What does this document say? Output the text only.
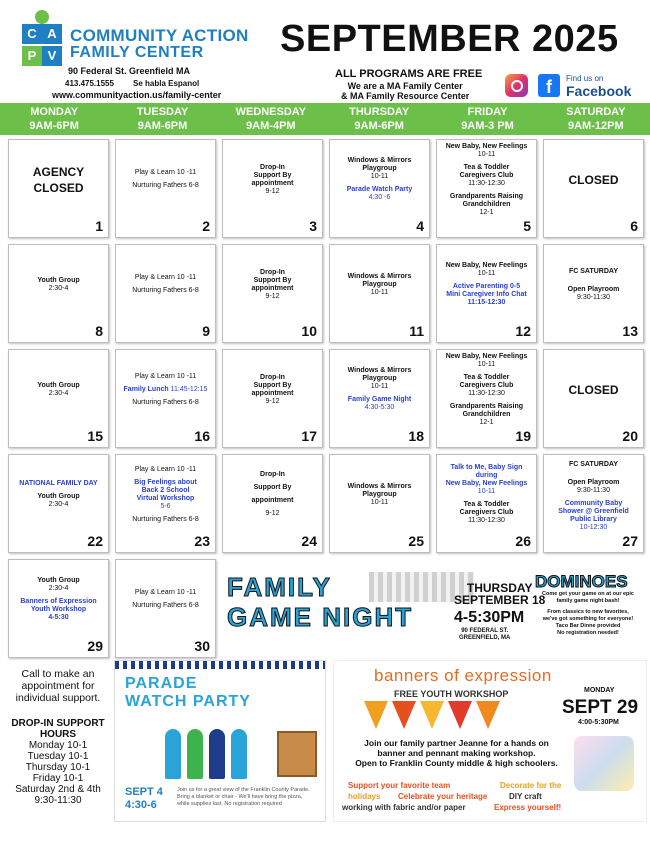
C A
P V
COMMUNITY ACTION
FAMILY CENTER
90 Federal St. Greenfield MA
413.475.1555 Se habla Espanol
www.communityaction.us/family-center
SEPTEMBER 2025
ALL PROGRAMS ARE FREE
We are a MA Family Center
& MA Family Resource Center	f	Find us on
Facebook
MONDAY
9AM-6PM
TUESDAY
9AM-6PM
WEDNESDAY
9AM-4PM
THURSDAY
9AM-6PM
FRIDAY
9AM-3 PM
SATURDAY
9AM-12PM
AGENCY
CLOSED
1
Play & Learn 10 -11
Nurturing Fathers 6-8
2
Drop-In
Support By
appointment
9-12
3
Windows & Mirrors
Playgroup
10-11
Parade Watch Party
4:30 -6
4
New Baby, New Feelings
10-11
Tea & Toddler
Caregivers Club
11:30-12:30
Grandparents Raising
Grandchildren
12-1
5
CLOSED
6
Youth Group
2:30-4
8
Play & Learn 10 -11
Nurturing Fathers 6-8
9
Drop-In
Support By
appointment
9-12
10
Windows & Mirrors
Playgroup
10-11
11
New Baby, New Feelings
10-11
Active Parenting 0-5
Mini Caregiver Info Chat
11:15-12:30
12
FC SATURDAY
Open Playroom
9:30-11:30
13
Youth Group
2:30-4
15
Play & Learn 10 -11
Family Lunch 11:45-12:15
Nurturing Fathers 6-8
16
Drop-In
Support By
appointment
9-12
17
Windows & Mirrors
Playgroup
10-11
Family Game Night
4:30-5:30
18
New Baby, New Feelings
10-11
Tea & Toddler
Caregivers Club
11:30-12:30
Grandparents Raising
Grandchildren
12-1
19
CLOSED
20
NATIONAL FAMILY DAY
Youth Group
2:30-4
22
Play & Learn 10 -11
Big Feelings about
Back 2 School
Virtual Workshop
5-6
Nurturing Fathers 6-8
23
Drop-In
Support By
appointment
9-12
24
Windows & Mirrors
Playgroup
10-11
25
Talk to Me, Baby Sign
during
New Baby, New Feelings
10-11
Tea & Toddler
Caregivers Club
11:30-12:30
26
FC SATURDAY
Open Playroom
9:30-11:30
Community Baby
Shower @ Greenfield
Public Library
10-12:30
27
Youth Group
2:30-4
Banners of Expression
Youth Workshop
4-5:30
29
Play & Learn 10 -11
Nurturing Fathers 6-8
30
FAMILY
GAME NIGHT
THURSDAY
SEPTEMBER 18
4-5:30PM
90 FEDERAL ST.
GREENFIELD, MA
DOMINOES
Come get your game on at our epic
family game night bash!
From classics to new favorites,
we've got something for everyone!
Taco Bar Dinne provided
No registration needed!
Call to make an
appointment for
individual support.
DROP-IN SUPPORT
HOURS
Monday 10-1
Tuesday 10-1
Thursday 10-1
Friday 10-1
Saturday 2nd & 4th
9:30-11:30
PARADE
WATCH PARTY
SEPT 4
4:30-6
Join us for a great view of the Franklin County Parade.
Bring a blanket or chair - We'll have bring the pizza,
while supplies last. No registration required
banners of expression
FREE YOUTH WORKSHOP	MONDAY
SEPT 29
4:00-5:30PM
Join our family partner Jeanne for a hands on
banner and pennant making workshop.
Open to Franklin County middle & high schoolers.
Support your favorite team	Decorate for the
holidays Celebrate your heritage	DIY craft
working with fabric and/or paper	Express yourself!
